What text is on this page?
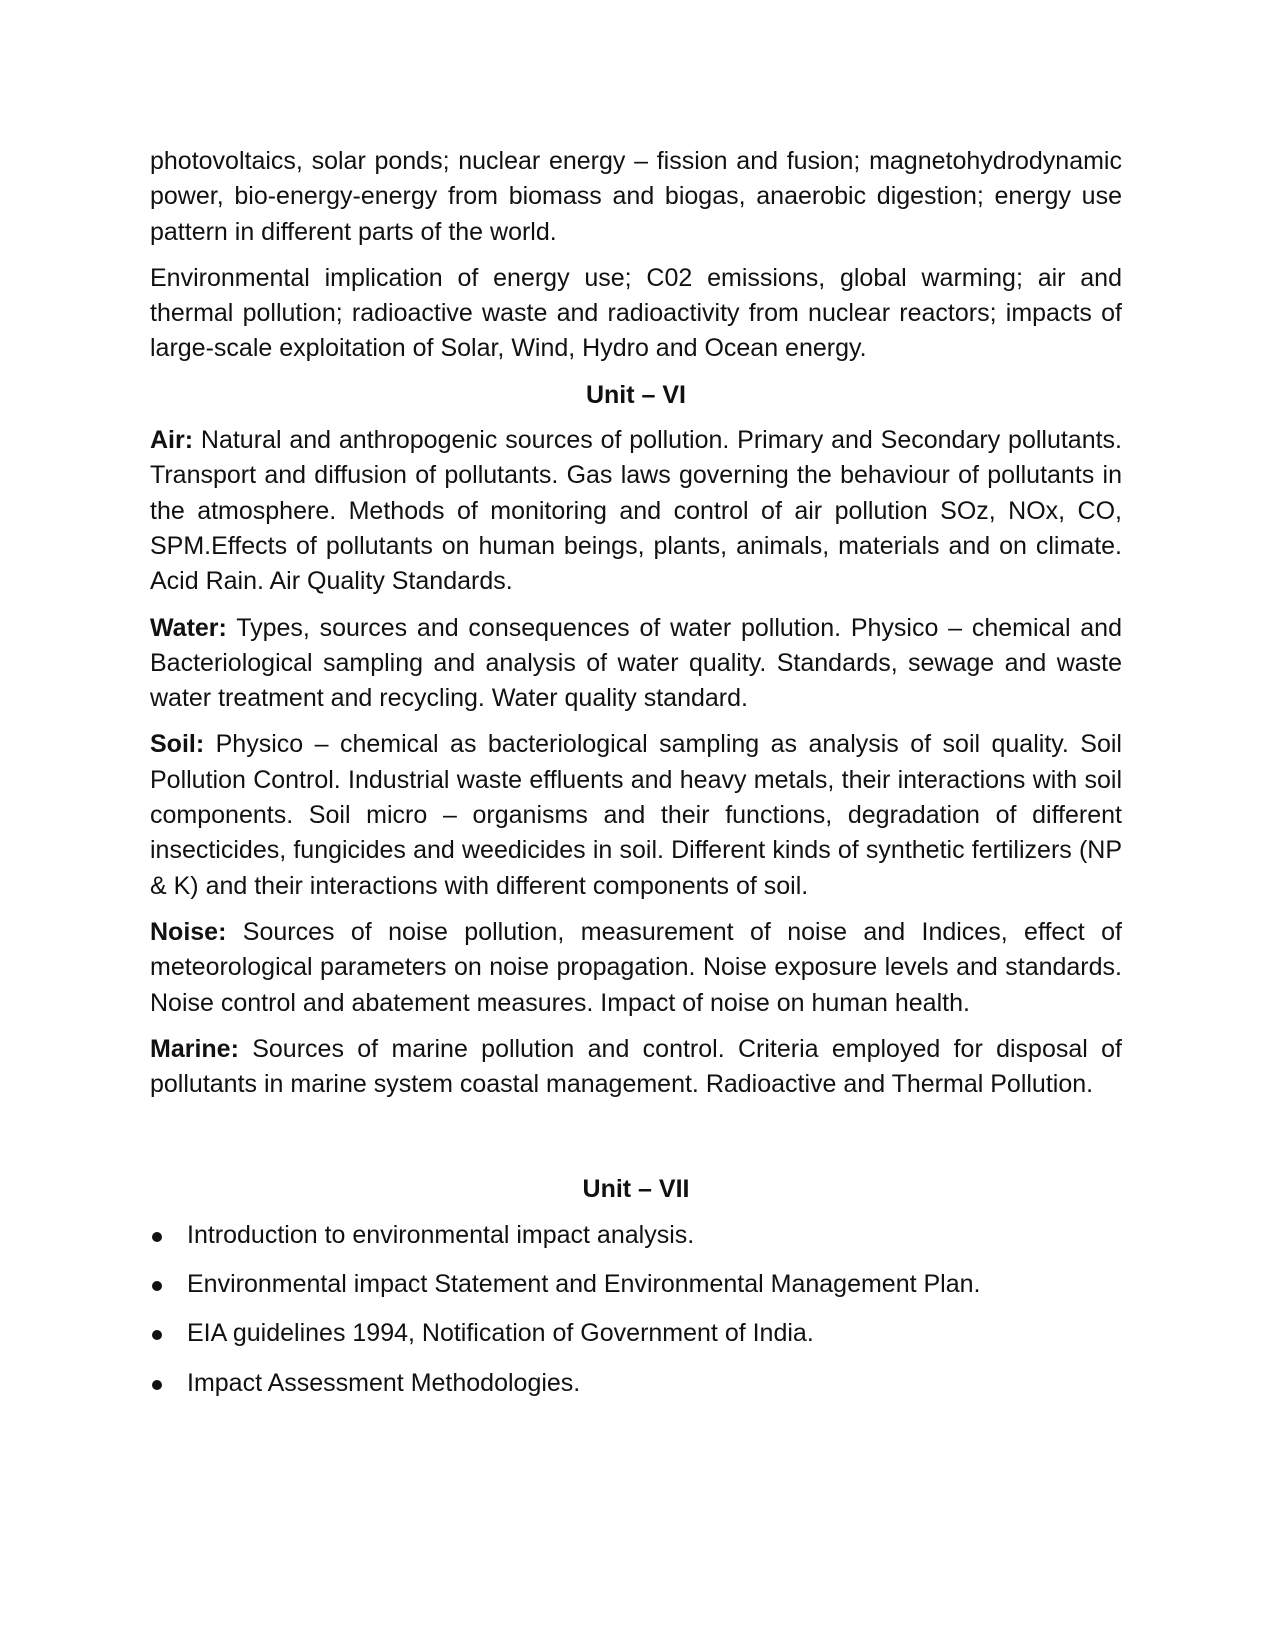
photovoltaics, solar ponds; nuclear energy – fission and fusion; magnetohydrodynamic power, bio-energy-energy from biomass and biogas, anaerobic digestion; energy use pattern in different parts of the world.

Environmental implication of energy use; C02 emissions, global warming; air and thermal pollution; radioactive waste and radioactivity from nuclear reactors; impacts of large-scale exploitation of Solar, Wind, Hydro and Ocean energy.

Unit – VI

Air: Natural and anthropogenic sources of pollution. Primary and Secondary pollutants. Transport and diffusion of pollutants. Gas laws governing the behaviour of pollutants in the atmosphere. Methods of monitoring and control of air pollution SOz, NOx, CO, SPM.Effects of pollutants on human beings, plants, animals, materials and on climate. Acid Rain. Air Quality Standards.

Water: Types, sources and consequences of water pollution. Physico – chemical and Bacteriological sampling and analysis of water quality. Standards, sewage and waste water treatment and recycling. Water quality standard.

Soil: Physico – chemical as bacteriological sampling as analysis of soil quality. Soil Pollution Control. Industrial waste effluents and heavy metals, their interactions with soil components. Soil micro – organisms and their functions, degradation of different insecticides, fungicides and weedicides in soil. Different kinds of synthetic fertilizers (NP & K) and their interactions with different components of soil.

Noise: Sources of noise pollution, measurement of noise and Indices, effect of meteorological parameters on noise propagation. Noise exposure levels and standards. Noise control and abatement measures. Impact of noise on human health.

Marine: Sources of marine pollution and control. Criteria employed for disposal of pollutants in marine system coastal management. Radioactive and Thermal Pollution.

Unit – VII
Introduction to environmental impact analysis.
Environmental impact Statement and Environmental Management Plan.
EIA guidelines 1994, Notification of Government of India.
Impact Assessment Methodologies.
